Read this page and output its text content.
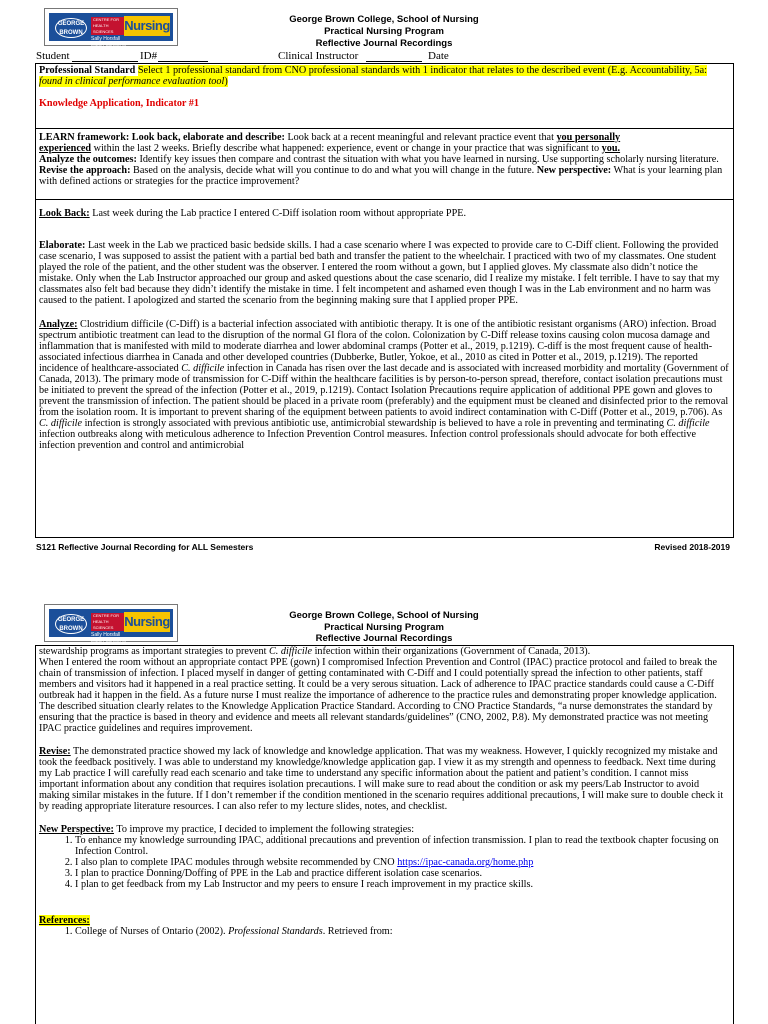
GEORGE BROWN
CENTRE FOR HEALTH SCIENCES
Sally Horsfall Eaton School of
Nursing	George Brown College, School of Nursing
Practical Nursing Program
Reflective Journal Recordings
Student	ID#	Clinical Instructor	Date

Professional Standard Select 1 professional standard from CNO professional standards with 1 indicator that relates to the described event (E.g. Accountability, 5a: found in clinical performance evaluation tool)

Knowledge Application, Indicator #1

LEARN framework: Look back, elaborate and describe: Look back at a recent meaningful and relevant practice event that you personally
experienced within the last 2 weeks. Briefly describe what happened: experience, event or change in your practice that was significant to you.
Analyze the outcomes: Identify key issues then compare and contrast the situation with what you have learned in nursing. Use supporting scholarly nursing literature. Revise the approach: Based on the analysis, decide what will you continue to do and what you will change in the future. New perspective: What is your learning plan with defined actions or strategies for the practice improvement?

Look Back: Last week during the Lab practice I entered C-Diff isolation room without appropriate PPE.

Elaborate: Last week in the Lab we practiced basic bedside skills. I had a case scenario where I was expected to provide care to C-Diff client. Following the provided case scenario, I was supposed to assist the patient with a partial bed bath and transfer the patient to the wheelchair. I practiced with two of my classmates. One student played the role of the patient, and the other student was the observer. I entered the room without a gown, but I applied gloves. My classmate also didn’t notice the mistake. Only when the Lab Instructor approached our group and asked questions about the case scenario, did I realize my mistake. I felt terrible. I have to say that my classmates also felt bad because they didn’t identify the mistake in time. I felt incompetent and ashamed even though I was in the Lab environment and no harm was caused to the patient. I apologized and started the scenario from the beginning making sure that I applied proper PPE.

Analyze: Clostridium difficile (C-Diff) is a bacterial infection associated with antibiotic therapy. It is one of the antibiotic resistant organisms (ARO) infection. Broad spectrum antibiotic treatment can lead to the disruption of the normal GI flora of the colon. Colonization by C-Diff release toxins causing colon mucosa damage and inflammation that is manifested with mild to moderate diarrhea and lower abdominal cramps (Potter et al., 2019, p.1219). C-diff is the most frequent cause of health-associated infectious diarrhea in Canada and other developed countries (Dubberke, Butler, Yokoe, et al., 2010 as cited in Potter et al., 2019, p.1219). The reported incidence of healthcare-associated C. difficile infection in Canada has risen over the last decade and is associated with increased morbidity and mortality (Government of Canada, 2013). The primary mode of transmission for C-Diff within the healthcare facilities is by person-to-person spread, therefore, contact isolation precautions must be initiated to prevent the spread of the infection (Potter et al., 2019, p.1219). Contact Isolation Precautions require application of additional PPE gown and gloves to prevent the transmission of infection. The patient should be placed in a private room (preferably) and the equipment must be cleaned and disinfected prior to the removal from the isolation room. It is important to prevent sharing of the equipment between patients to avoid indirect contamination with C-Diff (Potter et al., 2019, p.706). As C. difficile infection is strongly associated with previous antibiotic use, antimicrobial stewardship is believed to have a role in preventing and terminating C. difficile infection outbreaks along with meticulous adherence to Infection Prevention Control measures. Infection control professionals should advocate for both effective infection prevention and control and antimicrobial

S121 Reflective Journal Recording for ALL Semesters	Revised 2018-2019
GEORGE BROWN
CENTRE FOR HEALTH SCIENCES
Sally Horsfall Eaton School of
Nursing	George Brown College, School of Nursing
Practical Nursing Program
Reflective Journal Recordings

stewardship programs as important strategies to prevent C. difficile infection within their organizations (Government of Canada, 2013).

When I entered the room without an appropriate contact PPE (gown) I compromised Infection Prevention and Control (IPAC) practice protocol and failed to break the chain of transmission of infection. I placed myself in danger of getting contaminated with C-Diff and I could potentially spread the infection to other patients, staff members and visitors had it happened in a real practice setting. It could be a very serous situation. Lack of adherence to IPAC practice standards could cause a C-Diff outbreak had it happen in the field. As a future nurse I must realize the importance of adherence to the practice rules and demonstrating proper knowledge application. The described situation clearly relates to the Knowledge Application Practice Standard. According to CNO Practice Standards, “a nurse demonstrates the standard by ensuring that the practice is based in theory and evidence and meets all relevant standards/guidelines” (CNO, 2002, P.8). My demonstrated practice was not meeting IPAC practice guidelines and requires improvement.

Revise: The demonstrated practice showed my lack of knowledge and knowledge application. That was my weakness. However, I quickly recognized my mistake and took the feedback positively. I was able to understand my knowledge/knowledge application gap. I view it as my strength and openness to feedback. Next time during my Lab practice I will carefully read each scenario and take time to understand any specific information about the patient and patient’s condition. I cannot miss important information about any condition that requires isolation precautions. I will make sure to read about the condition or ask my peers/Lab Instructor to avoid making similar mistakes in the future. If I don’t remember if the condition mentioned in the scenario requires additional precautions, I will make sure to double check it by reading appropriate literature resources. I can also refer to my lecture slides, notes, and checklist.

New Perspective: To improve my practice, I decided to implement the following strategies:

1. To enhance my knowledge surrounding IPAC, additional precautions and prevention of infection transmission. I plan to read the textbook chapter focusing on Infection Control.
2. I also plan to complete IPAC modules through website recommended by CNO https://ipac-canada.org/home.php
3. I plan to practice Donning/Doffing of PPE in the Lab and practice different isolation case scenarios.
4. I plan to get feedback from my Lab Instructor and my peers to ensure I reach improvement in my practice skills.

References:

1. College of Nurses of Ontario (2002). Professional Standards. Retrieved from:
